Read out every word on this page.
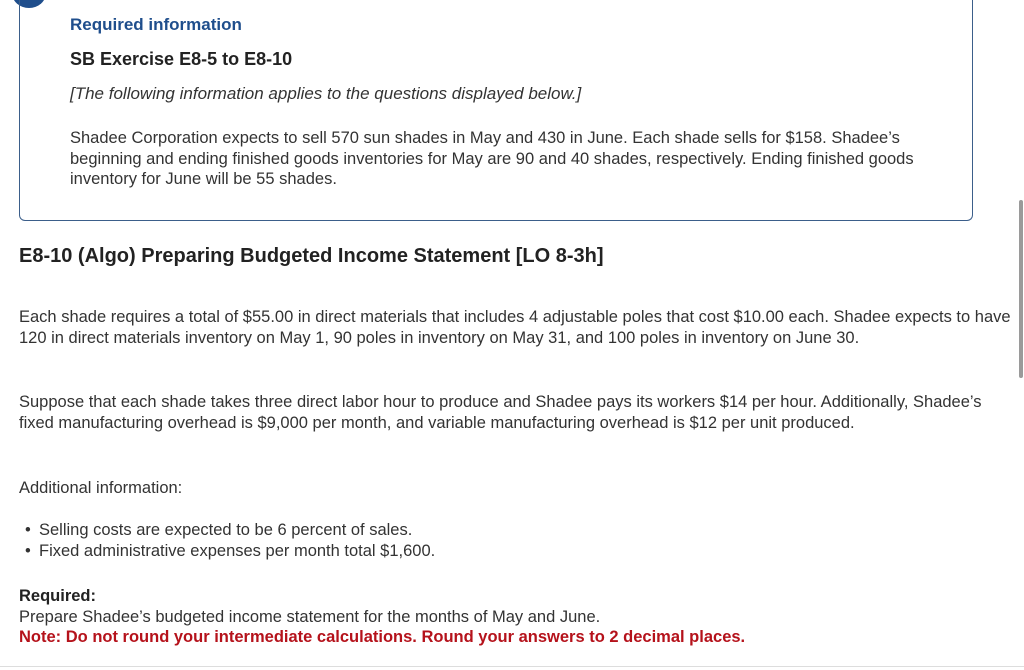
Required information
SB Exercise E8-5 to E8-10
[The following information applies to the questions displayed below.]
Shadee Corporation expects to sell 570 sun shades in May and 430 in June. Each shade sells for $158. Shadee’s beginning and ending finished goods inventories for May are 90 and 40 shades, respectively. Ending finished goods inventory for June will be 55 shades.
E8-10 (Algo) Preparing Budgeted Income Statement [LO 8-3h]
Each shade requires a total of $55.00 in direct materials that includes 4 adjustable poles that cost $10.00 each. Shadee expects to have 120 in direct materials inventory on May 1, 90 poles in inventory on May 31, and 100 poles in inventory on June 30.
Suppose that each shade takes three direct labor hour to produce and Shadee pays its workers $14 per hour. Additionally, Shadee’s fixed manufacturing overhead is $9,000 per month, and variable manufacturing overhead is $12 per unit produced.
Additional information:
• Selling costs are expected to be 6 percent of sales.
• Fixed administrative expenses per month total $1,600.
Required:
Prepare Shadee’s budgeted income statement for the months of May and June.
Note: Do not round your intermediate calculations. Round your answers to 2 decimal places.
